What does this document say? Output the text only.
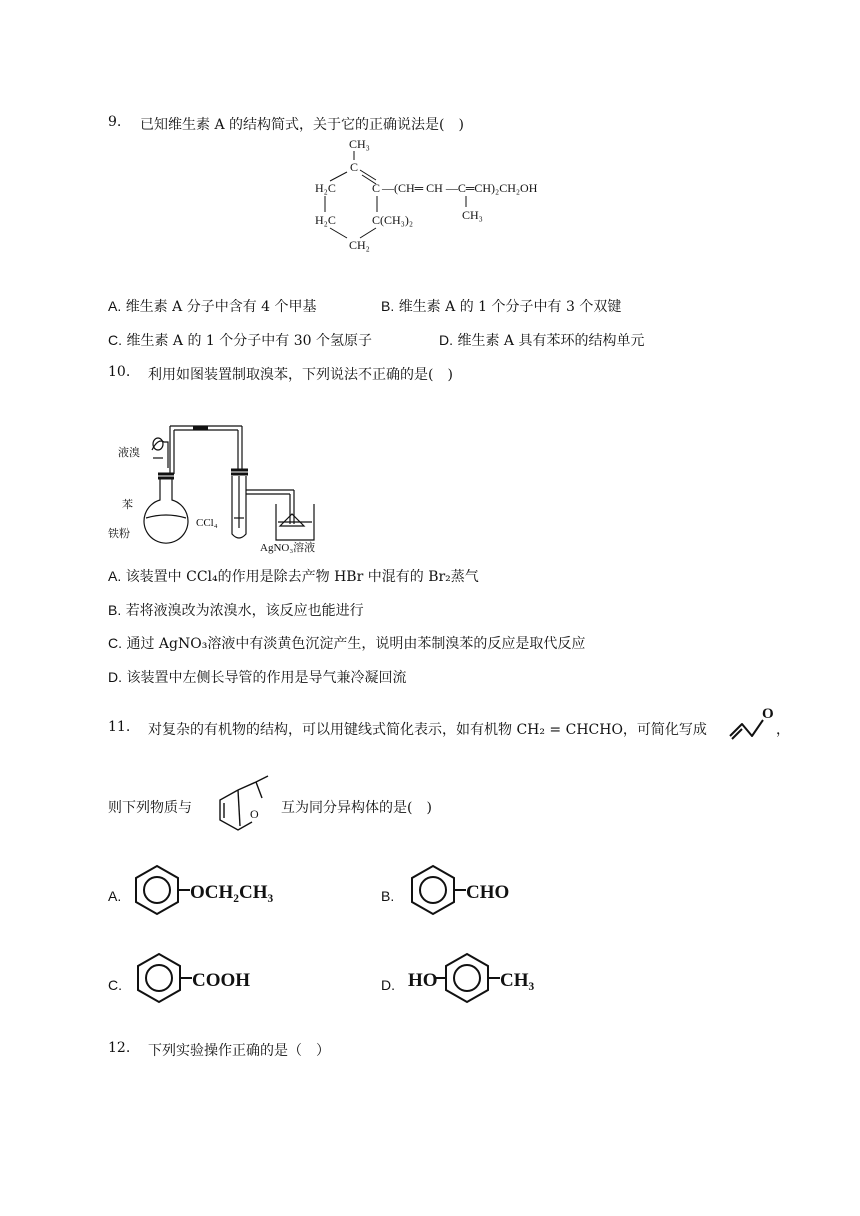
9. 已知维生素 A 的结构简式，关于它的正确说法是(　)
CH₃
C
H₂C	C —(CH═ CH —C═CH)₂CH₂OH
H₂C	C(CH₃)₂	CH₃
CH₂
A. 维生素 A 分子中含有 4 个甲基	B. 维生素 A 的 1 个分子中有 3 个双键
C. 维生素 A 的 1 个分子中有 30 个氢原子	D. 维生素 A 具有苯环的结构单元
10. 利用如图装置制取溴苯，下列说法不正确的是(　)
液溴
苯
铁粉
CCl₄
AgNO₃溶液
A. 该装置中 CCl₄的作用是除去产物 HBr 中混有的 Br₂蒸气
B. 若将液溴改为浓溴水，该反应也能进行
C. 通过 AgNO₃溶液中有淡黄色沉淀产生，说明由苯制溴苯的反应是取代反应
D. 该装置中左侧长导管的作用是导气兼冷凝回流
11. 对复杂的有机物的结构，可以用键线式简化表示，如有机物 CH₂ = CHCHO，可简化写成
O
，
则下列物质与	O 互为同分异构体的是(　)
A.	OCH₂CH₃	B.	CHO
C.	COOH	D. HO	CH₃
12. 下列实验操作正确的是（　）
